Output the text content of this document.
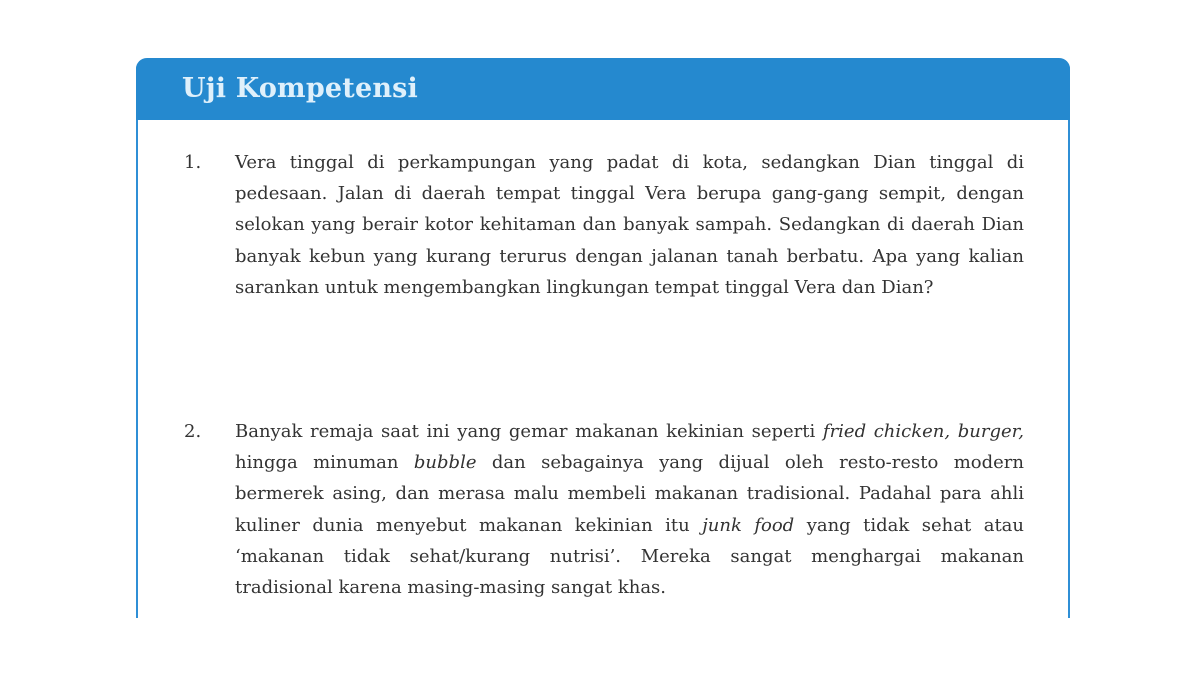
Uji Kompetensi
1. Vera tinggal di perkampungan yang padat di kota, sedangkan Dian tinggal di pedesaan. Jalan di daerah tempat tinggal Vera berupa gang-gang sempit, dengan selokan yang berair kotor kehitaman dan banyak sampah. Sedangkan di daerah Dian banyak kebun yang kurang terurus dengan jalanan tanah berbatu. Apa yang kalian sarankan untuk mengembangkan lingkungan tempat tinggal Vera dan Dian?

2. Banyak remaja saat ini yang gemar makanan kekinian seperti fried chicken, burger, hingga minuman bubble dan sebagainya yang dijual oleh resto-resto modern bermerek asing, dan merasa malu membeli makanan tradisional. Padahal para ahli kuliner dunia menyebut makanan kekinian itu junk food yang tidak sehat atau ‘makanan tidak sehat/kurang nutrisi’. Mereka sangat menghargai makanan tradisional karena masing-masing sangat khas.
